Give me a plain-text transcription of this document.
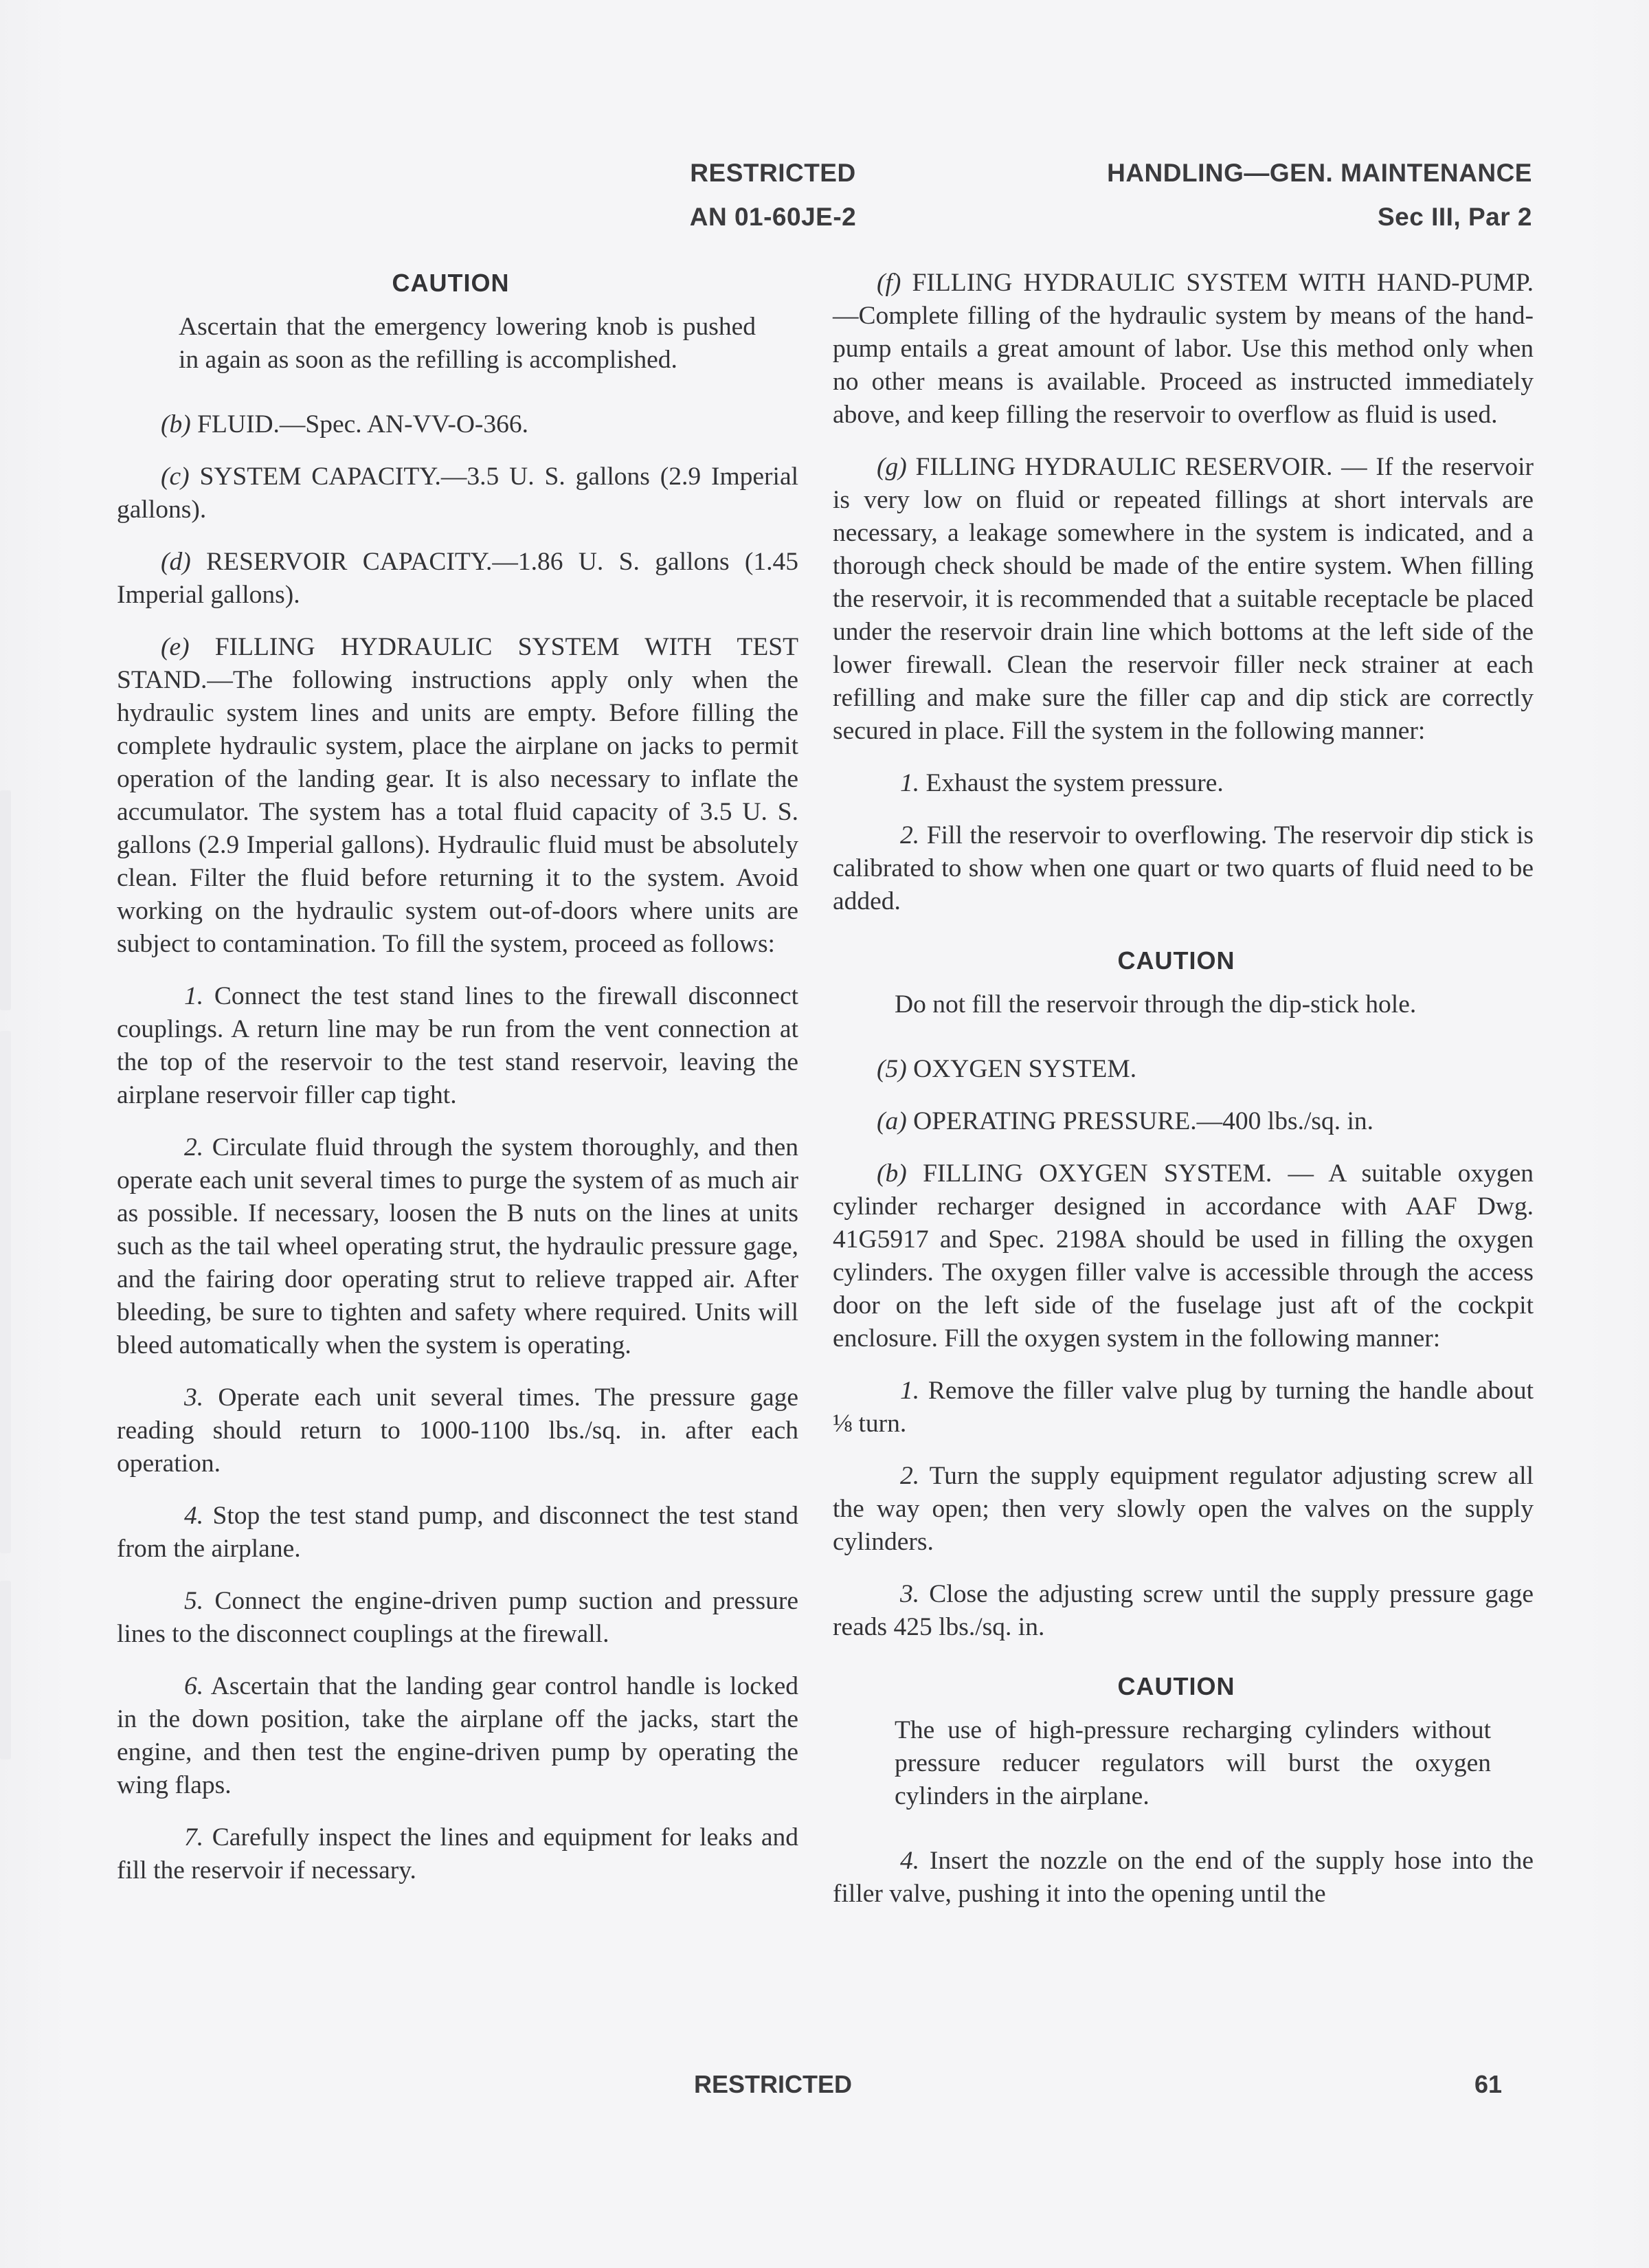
RESTRICTED
AN 01-60JE-2
HANDLING—GEN. MAINTENANCE
Sec III, Par 2
CAUTION

Ascertain that the emergency lowering knob is pushed in again as soon as the refilling is accomplished.

(b) FLUID.—Spec. AN-VV-O-366.

(c) SYSTEM CAPACITY.—3.5 U. S. gallons (2.9 Imperial gallons).

(d) RESERVOIR CAPACITY.—1.86 U. S. gallons (1.45 Imperial gallons).

(e) FILLING HYDRAULIC SYSTEM WITH TEST STAND.—The following instructions apply only when the hydraulic system lines and units are empty. Before filling the complete hydraulic system, place the airplane on jacks to permit operation of the landing gear. It is also necessary to inflate the accumulator. The system has a total fluid capacity of 3.5 U. S. gallons (2.9 Imperial gallons). Hydraulic fluid must be absolutely clean. Filter the fluid before returning it to the system. Avoid working on the hydraulic system out-of-doors where units are subject to contamination. To fill the system, proceed as follows:

1. Connect the test stand lines to the firewall disconnect couplings. A return line may be run from the vent connection at the top of the reservoir to the test stand reservoir, leaving the airplane reservoir filler cap tight.

2. Circulate fluid through the system thoroughly, and then operate each unit several times to purge the system of as much air as possible. If necessary, loosen the B nuts on the lines at units such as the tail wheel operating strut, the hydraulic pressure gage, and the fairing door operating strut to relieve trapped air. After bleeding, be sure to tighten and safety where required. Units will bleed automatically when the system is operating.

3. Operate each unit several times. The pressure gage reading should return to 1000-1100 lbs./sq. in. after each operation.

4. Stop the test stand pump, and disconnect the test stand from the airplane.

5. Connect the engine-driven pump suction and pressure lines to the disconnect couplings at the firewall.

6. Ascertain that the landing gear control handle is locked in the down position, take the airplane off the jacks, start the engine, and then test the engine-driven pump by operating the wing flaps.

7. Carefully inspect the lines and equipment for leaks and fill the reservoir if necessary.

(f) FILLING HYDRAULIC SYSTEM WITH HAND-PUMP.—Complete filling of the hydraulic system by means of the hand-pump entails a great amount of labor. Use this method only when no other means is available. Proceed as instructed immediately above, and keep filling the reservoir to overflow as fluid is used.

(g) FILLING HYDRAULIC RESERVOIR. — If the reservoir is very low on fluid or repeated fillings at short intervals are necessary, a leakage somewhere in the system is indicated, and a thorough check should be made of the entire system. When filling the reservoir, it is recommended that a suitable receptacle be placed under the reservoir drain line which bottoms at the left side of the lower firewall. Clean the reservoir filler neck strainer at each refilling and make sure the filler cap and dip stick are correctly secured in place. Fill the system in the following manner:

1. Exhaust the system pressure.

2. Fill the reservoir to overflowing. The reservoir dip stick is calibrated to show when one quart or two quarts of fluid need to be added.

CAUTION

Do not fill the reservoir through the dip-stick hole.

(5) OXYGEN SYSTEM.

(a) OPERATING PRESSURE.—400 lbs./sq. in.

(b) FILLING OXYGEN SYSTEM. — A suitable oxygen cylinder recharger designed in accordance with AAF Dwg. 41G5917 and Spec. 2198A should be used in filling the oxygen cylinders. The oxygen filler valve is accessible through the access door on the left side of the fuselage just aft of the cockpit enclosure. Fill the oxygen system in the following manner:

1. Remove the filler valve plug by turning the handle about ⅛ turn.

2. Turn the supply equipment regulator adjusting screw all the way open; then very slowly open the valves on the supply cylinders.

3. Close the adjusting screw until the supply pressure gage reads 425 lbs./sq. in.

CAUTION

The use of high-pressure recharging cylinders without pressure reducer regulators will burst the oxygen cylinders in the airplane.

4. Insert the nozzle on the end of the supply hose into the filler valve, pushing it into the opening until the

RESTRICTED	61
